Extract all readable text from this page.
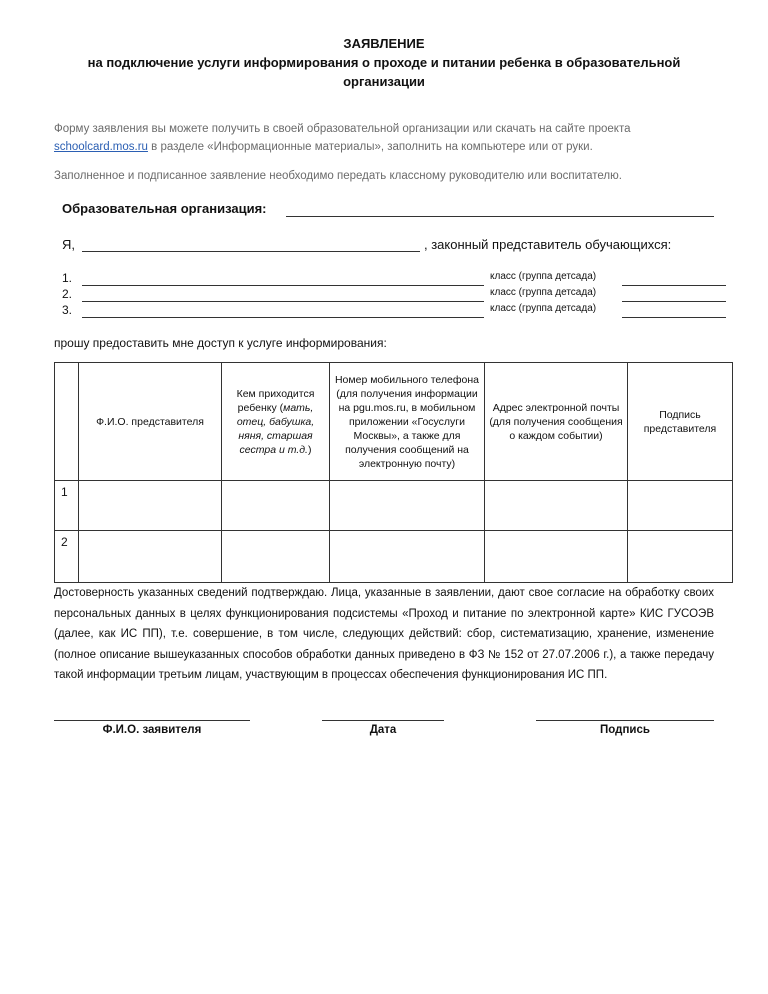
ЗАЯВЛЕНИЕ
на подключение услуги информирования о проходе и питании ребенка в образовательной
организации
Форму заявления вы можете получить в своей образовательной организации или скачать на сайте проекта
schoolcard.mos.ru в разделе «Информационные материалы», заполнить на компьютере или от руки.
Заполненное и подписанное заявление необходимо передать классному руководителю или воспитателю.
Образовательная организация:
Я,	, законный представитель обучающихся:
1.	класс (группа детсада)
2.	класс (группа детсада)
3.	класс (группа детсада)
прошу предоставить мне доступ к услуге информирования:
	Ф.И.О. представителя	Кем приходится ребенку (мать, отец, бабушка, няня, старшая сестра и т.д.)	Номер мобильного телефона (для получения информации на pgu.mos.ru, в мобильном приложении «Госуслуги Москвы», а также для получения сообщений на электронную почту)	Адрес электронной почты (для получения сообщения о каждом событии)	Подпись представителя
1					
2					
Достоверность указанных сведений подтверждаю. Лица, указанные в заявлении, дают свое согласие на обработку своих персональных данных в целях функционирования подсистемы «Проход и питание по электронной карте» КИС ГУСОЭВ (далее, как ИС ПП), т.е. совершение, в том числе, следующих действий: сбор, систематизацию, хранение, изменение (полное описание вышеуказанных способов обработки данных приведено в ФЗ № 152 от 27.07.2006 г.), а также передачу такой информации третьим лицам, участвующим в процессах обеспечения функционирования ИС ПП.
Ф.И.О. заявителя	Дата	Подпись
